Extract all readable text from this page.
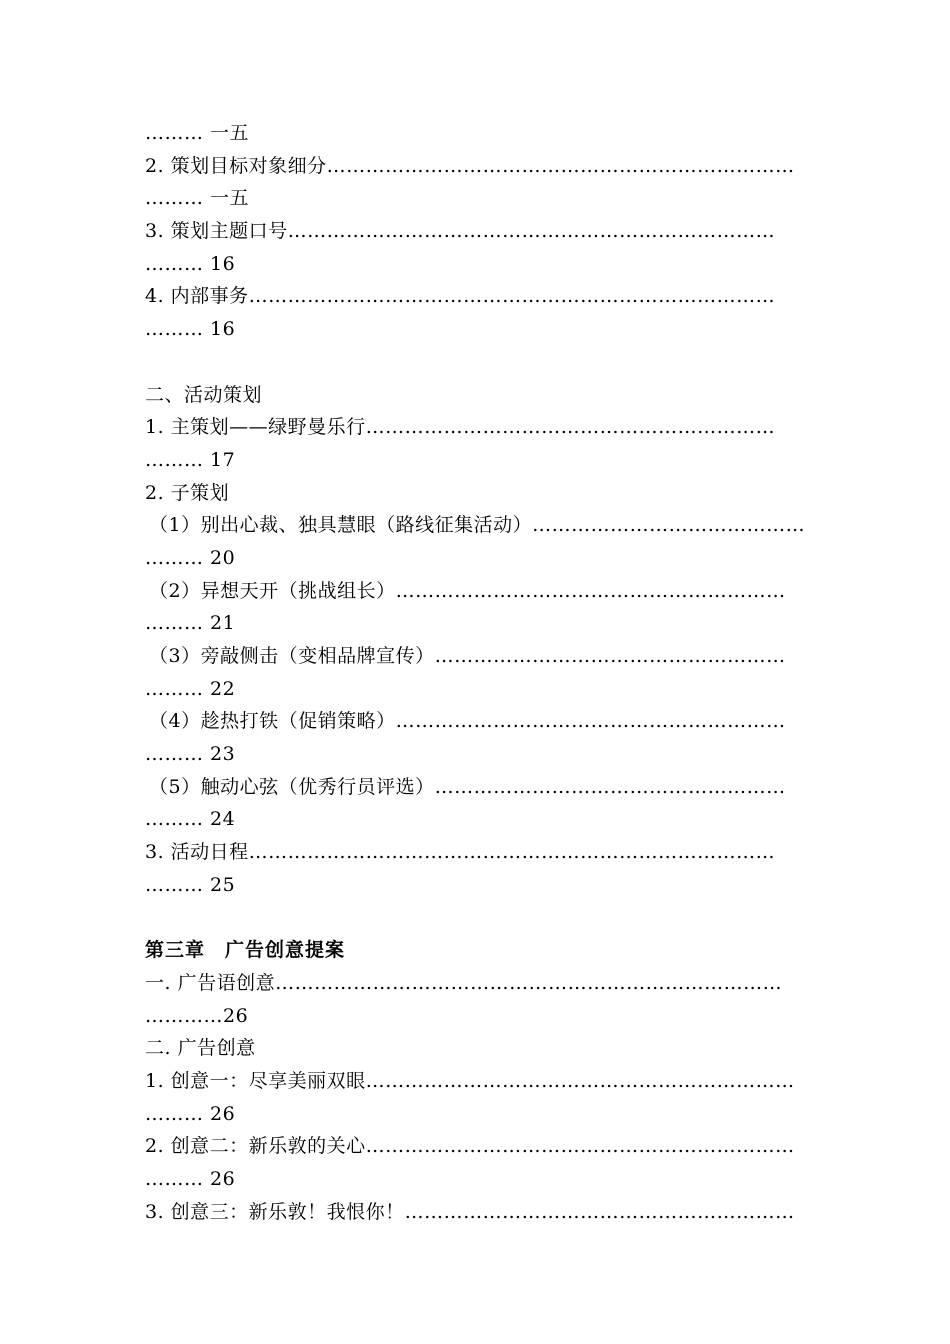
……… 一五
2. 策划目标对象细分………………………………………………………………
……… 一五
3. 策划主题口号…………………………………………………………………
……… 16
4. 内部事务………………………………………………………………………
……… 16
二、活动策划
1. 主策划——绿野曼乐行………………………………………………………
……… 17
2. 子策划
（1）别出心裁、独具慧眼（路线征集活动）……………………………………
……… 20
（2）异想天开（挑战组长）……………………………………………………
……… 21
（3）旁敲侧击（变相品牌宣传）………………………………………………
……… 22
（4）趁热打铁（促销策略）……………………………………………………
……… 23
（5）触动心弦（优秀行员评选）………………………………………………
……… 24
3. 活动日程………………………………………………………………………
……… 25
第三章　广告创意提案
一. 广告语创意……………………………………………………………………
…………26
二. 广告创意
1. 创意一：尽享美丽双眼…………………………………………………………
……… 26
2. 创意二：新乐敦的关心…………………………………………………………
……… 26
3. 创意三：新乐敦！我恨你！……………………………………………………
